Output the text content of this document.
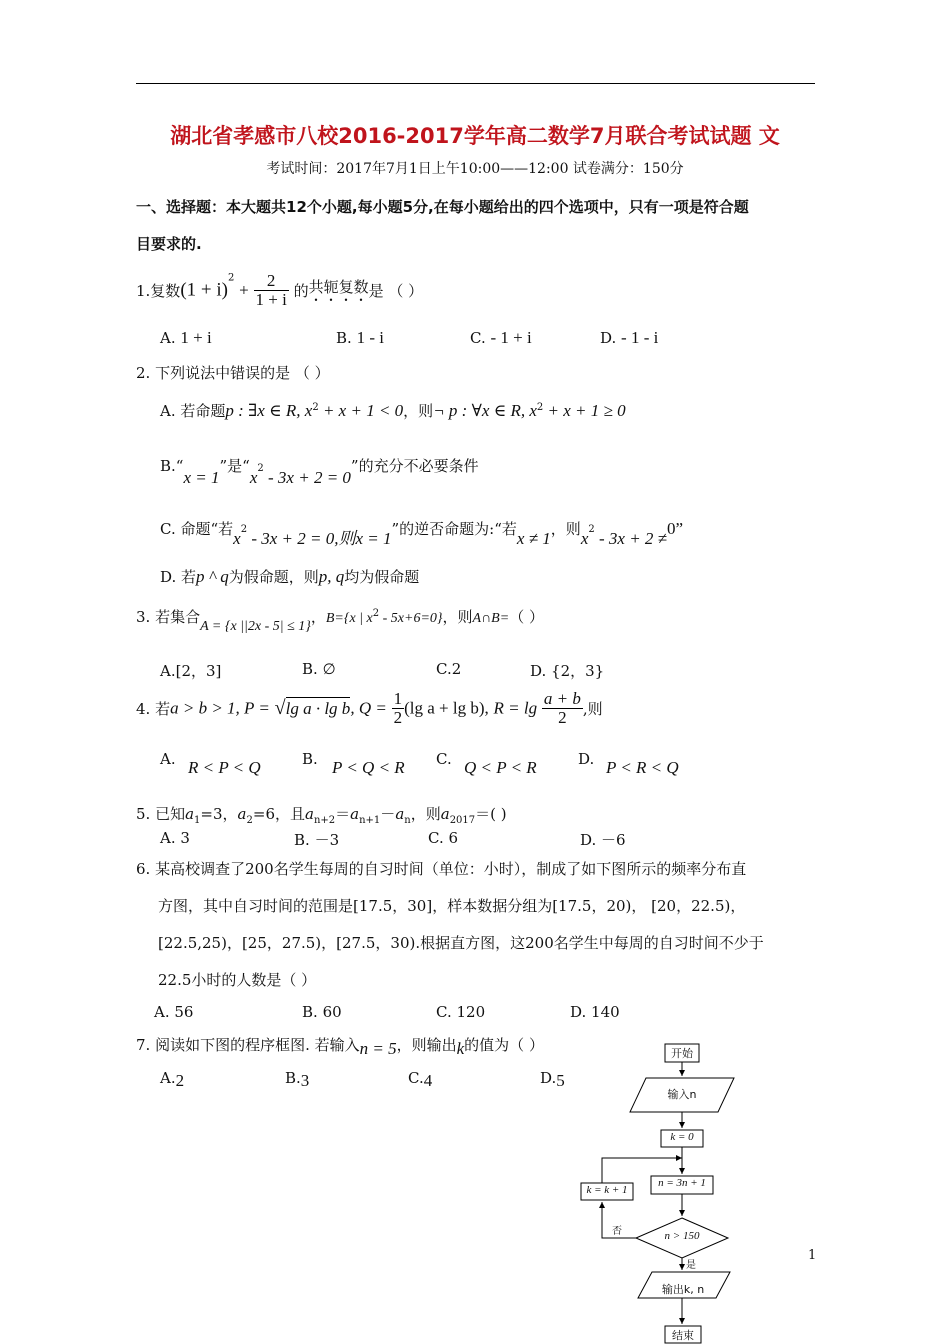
湖北省孝感市八校2016-2017学年高二数学7月联合考试试题 文
考试时间：2017年7月1日上午10:00——12:00 试卷满分：150分
一、选择题：本大题共12个小题,每小题5分,在每小题给出的四个选项中，只有一项是符合题
目要求的.
1.复数$(1 + i)^2 + \frac{2}{1 + i}$ 的共轭复数是 （ ）
A. 1 + i	B. 1 - i	C. - 1 + i	D. - 1 - i
2. 下列说法中错误的是 （ ）
A. 若命题p : ∃x ∈ R, $x^2 + x + 1 < 0$，则¬ p : ∀x ∈ R, $x^2 + x + 1 \ge 0$
B.“x = 1”是“$x^2 - 3x + 2 = 0$”的充分不必要条件
C. 命题“若$x^2 - 3x + 2 = 0$,则x = 1”的逆否命题为:“若x ≠ 1，则$x^2 - 3x + 2 \ne 0$”
D. 若p ^ q为假命题，则p, q均为假命题
3. 若集合A = {x ||2x - 5| ≤ 1}，B={x | $x^2 - 5x+6=0$}，则A∩B=（ ）
A.[2，3]	B. ∅	C.2	D. {2，3}
4. 若a > b > 1, P = √lg a · lg b, $Q = \frac{1}{2} (\lg$ a + lg b), $R = \lg \frac{a + b}{2}$ ,则
A. R < P < Q	B. P < Q < R C. Q < P < R	D. P < R < Q
5. 已知$a_1=3$，$a_2=6$，且$a_{n+2}=a_{n+1}-a_n$，则$a_{2017}=$( )
A. 3	B. －3	C. 6	D. －6
6. 某高校调查了200名学生每周的自习时间（单位：小时），制成了如下图所示的频率分布直
方图，其中自习时间的范围是[17.5，30]，样本数据分组为[17.5，20)， [20，22.5)，
[22.5,25)，[25，27.5)，[27.5，30).根据直方图，这200名学生中每周的自习时间不少于
22.5小时的人数是（ ）
A. 56	B. 60	C. 120	D. 140
7. 阅读如下图的程序框图. 若输入n = 5，则输出k的值为（ ）
A.2	B.3	C.4	D.5
开始
输入n
k = 0
n = 3n + 1
k = k + 1
n > 150
否
是
输出k, n
结束
1
